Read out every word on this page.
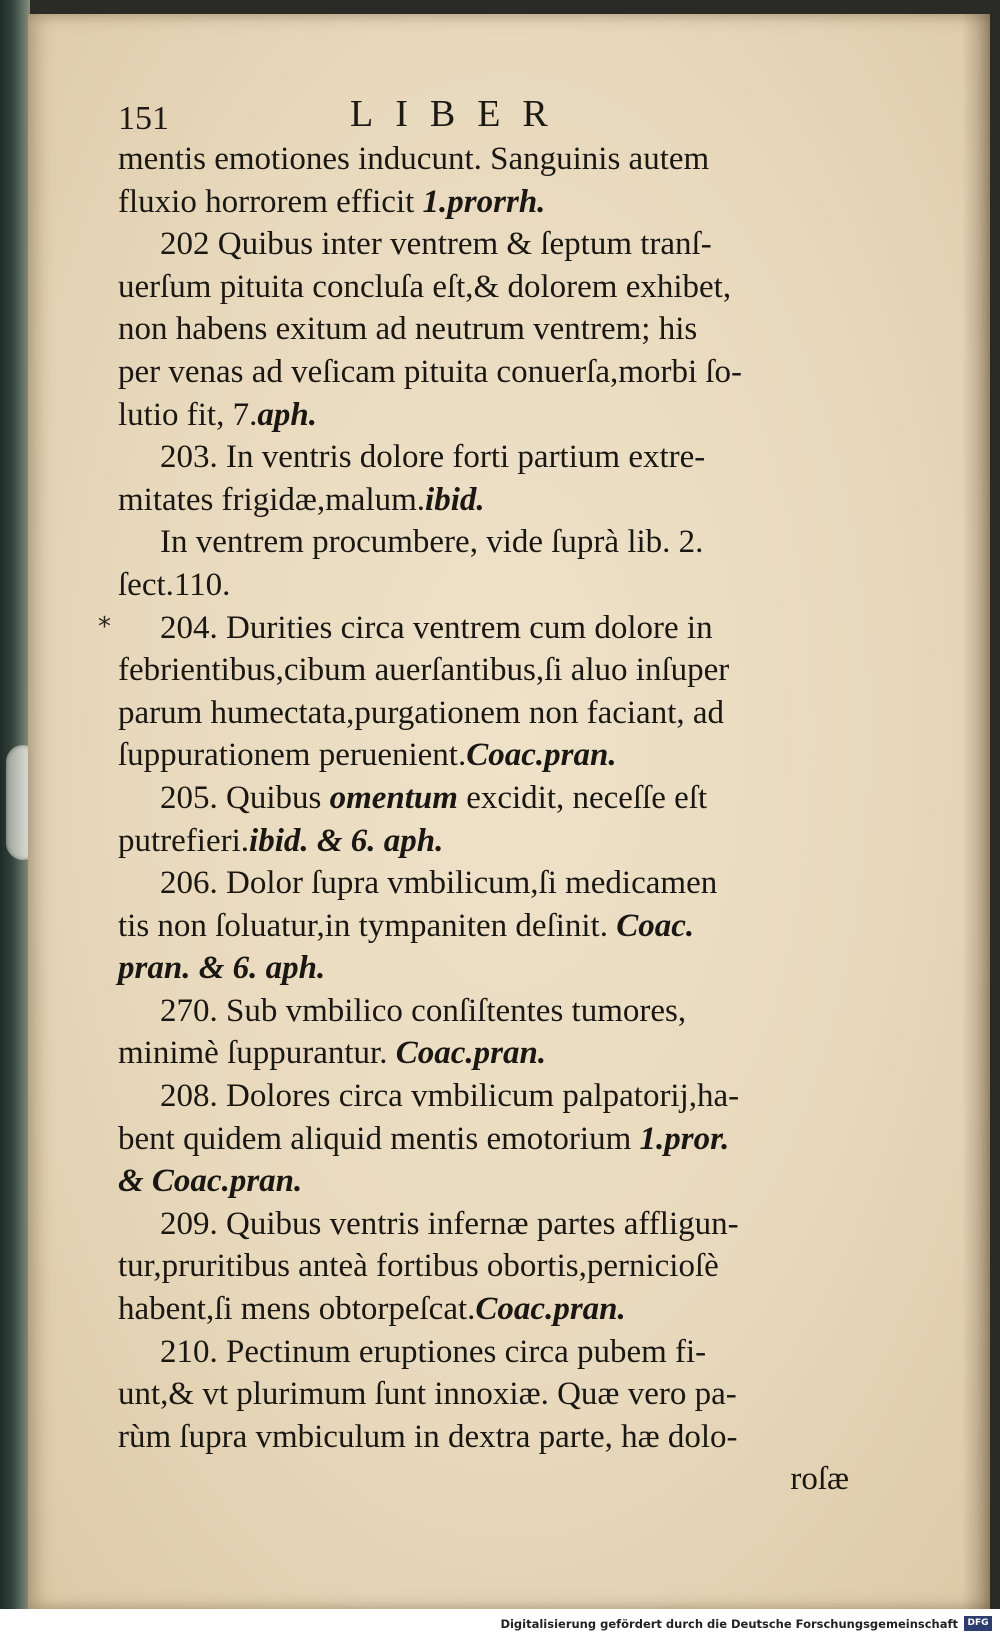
151	LIBER
*
mentis emotiones inducunt. Sanguinis autem
fluxio horrorem efficit 1.prorrh.
202 Quibus inter ventrem & ſeptum tranſ-
uerſum pituita concluſa eſt,& dolorem exhibet,
non habens exitum ad neutrum ventrem; his
per venas ad veſicam pituita conuerſa,morbi ſo-
lutio fit, 7.aph.
203. In ventris dolore forti partium extre-
mitates frigidæ,malum.ibid.
In ventrem procumbere, vide ſuprà lib. 2.
ſect.110.
204. Durities circa ventrem cum dolore in
febrientibus,cibum auerſantibus,ſi aluo inſuper
parum humectata,purgationem non faciant, ad
ſuppurationem peruenient.Coac.pran.
205. Quibus omentum excidit, neceſſe eſt
putrefieri.ibid. & 6. aph.
206. Dolor ſupra vmbilicum,ſi medicamen
tis non ſoluatur,in tympaniten deſinit. Coac.
pran. & 6. aph.
270. Sub vmbilico conſiſtentes tumores,
minimè ſuppurantur. Coac.pran.
208. Dolores circa vmbilicum palpatorij,ha-
bent quidem aliquid mentis emotorium 1.pror.
& Coac.pran.
209. Quibus ventris infernæ partes affligun-
tur,pruritibus anteà fortibus obortis,pernicioſè
habent,ſi mens obtorpeſcat.Coac.pran.
210. Pectinum eruptiones circa pubem fi-
unt,& vt plurimum ſunt innoxiæ. Quæ vero pa-
rùm ſupra vmbiculum in dextra parte, hæ dolo-
roſæ
Digitalisierung gefördert durch die Deutsche Forschungsgemeinschaft	DFG
